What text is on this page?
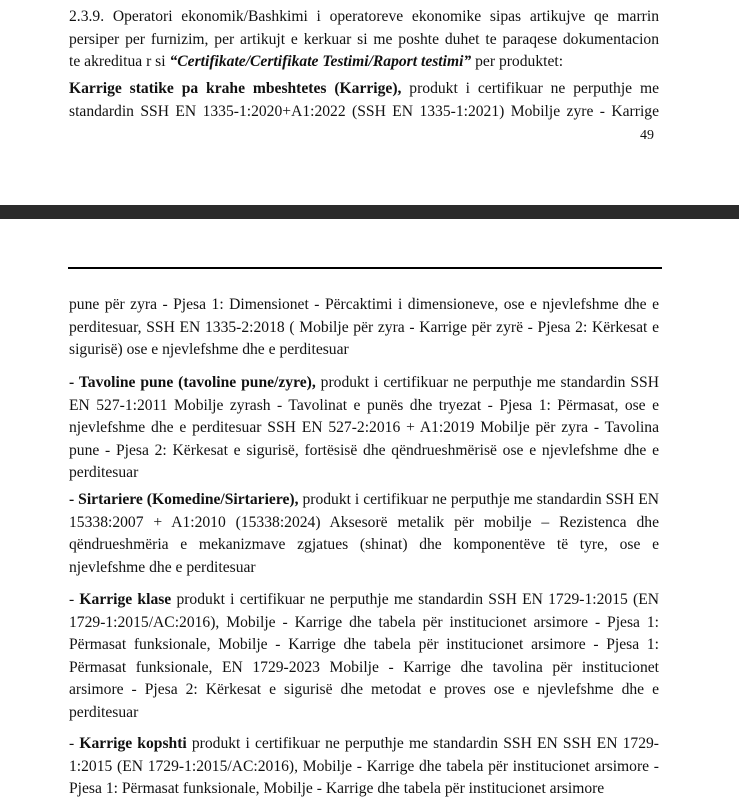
2.3.9. Operatori ekonomik/Bashkimi i operatoreve ekonomike sipas artikujve qe marrin

persiper per furnizim, per artikujt e kerkuar si me poshte duhet te paraqese dokumentacion

te akreditua r si “Certifikate/Certifikate Testimi/Raport testimi” per produktet:

Karrige statike pa krahe mbeshtetes (Karrige), produkt i certifikuar ne perputhje me

standardin SSH EN 1335-1:2020+A1:2022 (SSH EN 1335-1:2021) Mobilje zyre - Karrige

49

pune për zyra - Pjesa 1: Dimensionet - Përcaktimi i dimensioneve, ose e njevlefshme dhe e perditesuar, SSH EN 1335-2:2018 ( Mobilje për zyra - Karrige për zyrë - Pjesa 2: Kërkesat e sigurisë) ose e njevlefshme dhe e perditesuar

- Tavoline pune (tavoline pune/zyre), produkt i certifikuar ne perputhje me standardin SSH EN 527-1:2011 Mobilje zyrash - Tavolinat e punës dhe tryezat - Pjesa 1: Përmasat, ose e njevlefshme dhe e perditesuar SSH EN 527-2:2016 + A1:2019 Mobilje për zyra - Tavolina pune - Pjesa 2: Kërkesat e sigurisë, fortësisë dhe qëndrueshmërisë ose e njevlefshme dhe e perditesuar

- Sirtariere (Komedine/Sirtariere), produkt i certifikuar ne perputhje me standardin SSH EN 15338:2007 + A1:2010 (15338:2024) Aksesorë metalik për mobilje – Rezistenca dhe qëndrueshmëria e mekanizmave zgjatues (shinat) dhe komponentëve të tyre, ose e njevlefshme dhe e perditesuar

- Karrige klase produkt i certifikuar ne perputhje me standardin SSH EN 1729-1:2015 (EN 1729-1:2015/AC:2016), Mobilje - Karrige dhe tabela për institucionet arsimore - Pjesa 1: Përmasat funksionale, Mobilje - Karrige dhe tabela për institucionet arsimore - Pjesa 1: Përmasat funksionale, EN 1729-2023 Mobilje - Karrige dhe tavolina për institucionet arsimore - Pjesa 2: Kërkesat e sigurisë dhe metodat e proves ose e njevlefshme dhe e perditesuar

- Karrige kopshti produkt i certifikuar ne perputhje me standardin SSH EN SSH EN 1729-1:2015 (EN 1729-1:2015/AC:2016), Mobilje - Karrige dhe tabela për institucionet arsimore - Pjesa 1: Përmasat funksionale, Mobilje - Karrige dhe tabela për institucionet arsimore
